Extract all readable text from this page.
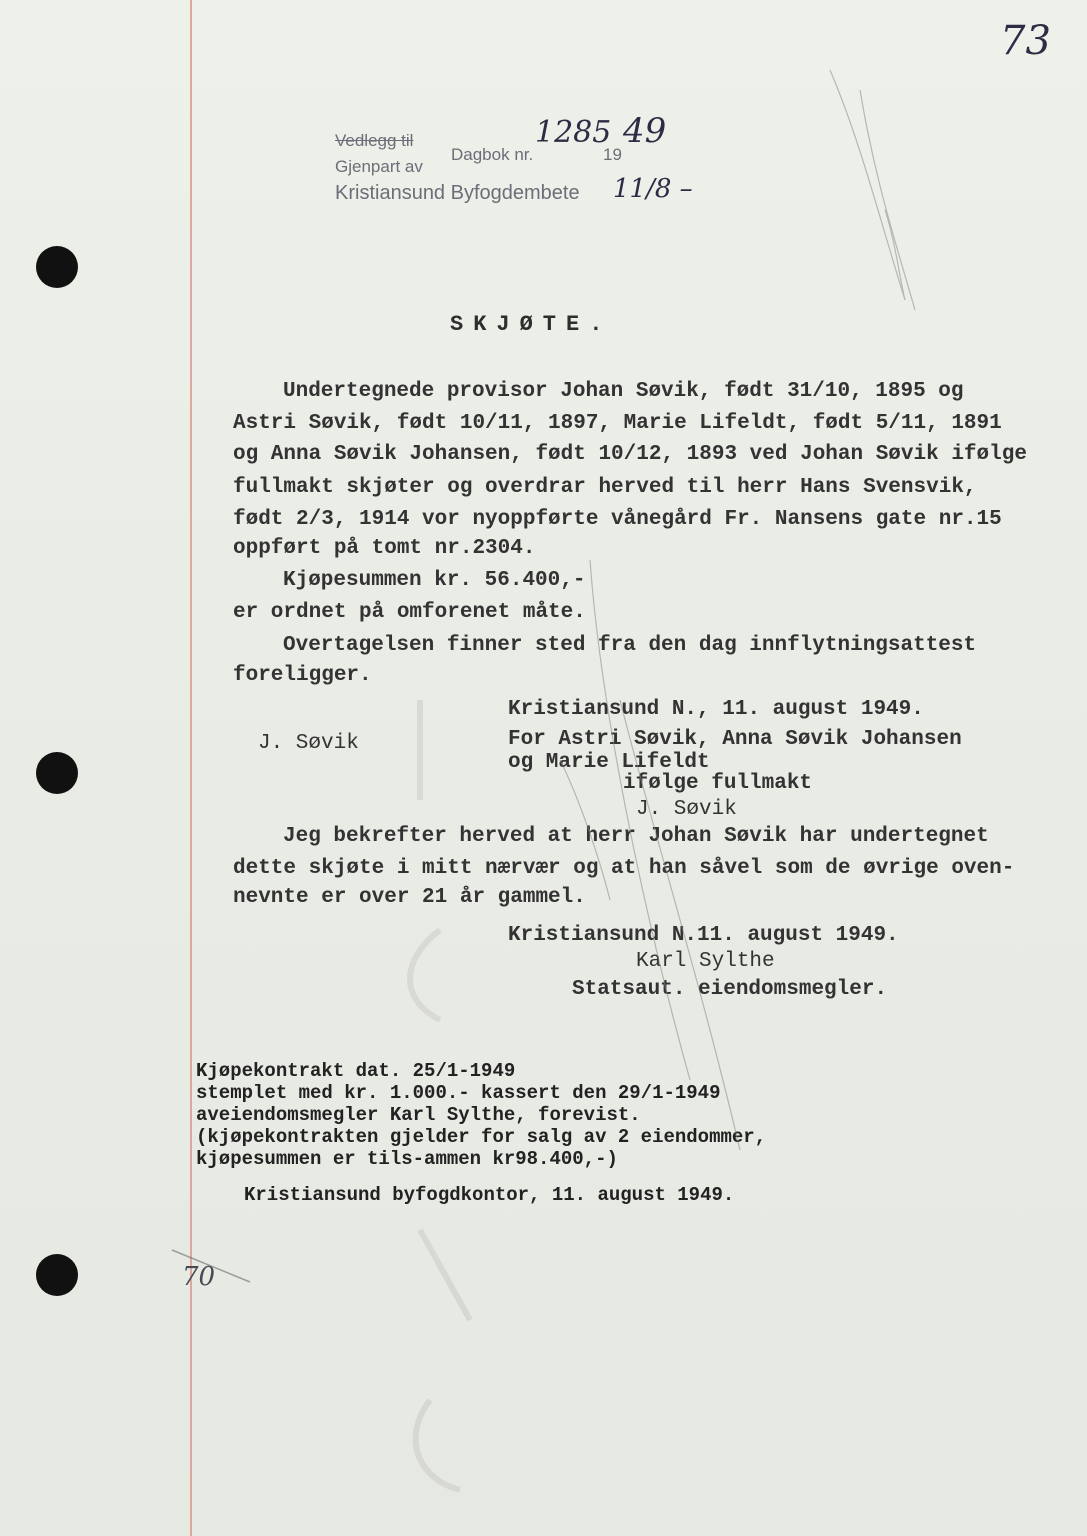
73
Vedlegg til
Dagbok nr.
1285
19
49
Gjenpart av
Kristiansund Byfogdembete 11/8 –
SKJØTE.
Undertegnede provisor Johan Søvik, født 31/10, 1895 og
Astri Søvik, født 10/11, 1897, Marie Lifeldt, født 5/11, 1891
og Anna Søvik Johansen, født 10/12, 1893 ved Johan Søvik ifølge
fullmakt skjøter og overdrar herved til herr Hans Svensvik,
født 2/3, 1914 vor nyoppførte vånegård Fr. Nansens gate nr.15
oppført på tomt nr.2304.
Kjøpesummen kr. 56.400,-
er ordnet på omforenet måte.
Overtagelsen finner sted fra den dag innflytningsattest
foreligger.
Kristiansund N., 11. august 1949.
J. Søvik	For Astri Søvik, Anna Søvik Johansen
og Marie Lifeldt
ifølge fullmakt
J. Søvik
Jeg bekrefter herved at herr Johan Søvik har undertegnet
dette skjøte i mitt nærvær og at han såvel som de øvrige oven-
nevnte er over 21 år gammel.
Kristiansund N.11. august 1949.
Karl Sylthe
Statsaut. eiendomsmegler.
Kjøpekontrakt dat. 25/1-1949
stemplet med kr. 1.000.- kassert den 29/1-1949
aveiendomsmegler Karl Sylthe, forevist.
(kjøpekontrakten gjelder for salg av 2 eiendommer,
kjøpesummen er tils-ammen kr98.400,-)
Kristiansund byfogdkontor, 11. august 1949.
70
